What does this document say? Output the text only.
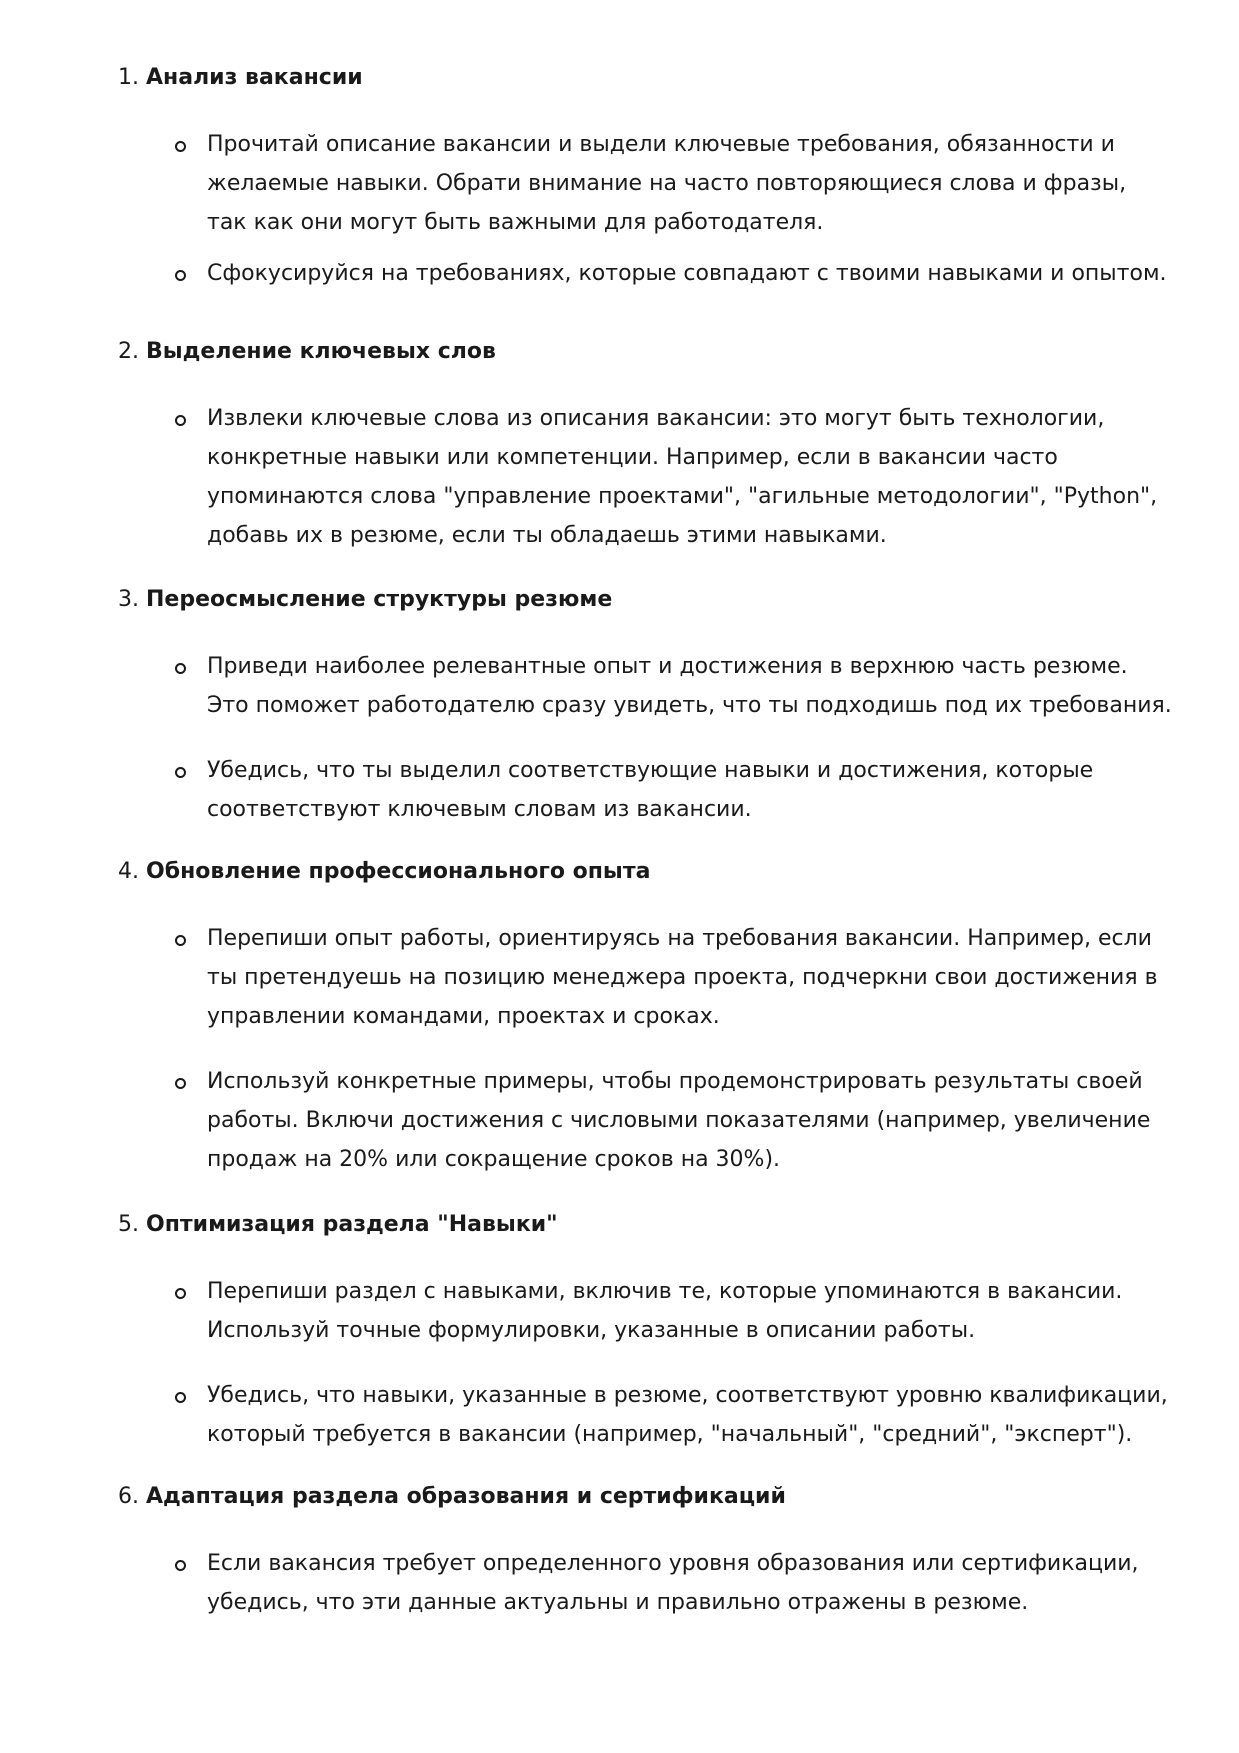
1. Анализ вакансии
Прочитай описание вакансии и выдели ключевые требования, обязанности и
желаемые навыки. Обрати внимание на часто повторяющиеся слова и фразы,
так как они могут быть важными для работодателя.
Сфокусируйся на требованиях, которые совпадают с твоими навыками и опытом.
2. Выделение ключевых слов
Извлеки ключевые слова из описания вакансии: это могут быть технологии,
конкретные навыки или компетенции. Например, если в вакансии часто
упоминаются слова "управление проектами", "агильные методологии", "Python",
добавь их в резюме, если ты обладаешь этими навыками.
3. Переосмысление структуры резюме
Приведи наиболее релевантные опыт и достижения в верхнюю часть резюме.
Это поможет работодателю сразу увидеть, что ты подходишь под их требования.
Убедись, что ты выделил соответствующие навыки и достижения, которые
соответствуют ключевым словам из вакансии.
4. Обновление профессионального опыта
Перепиши опыт работы, ориентируясь на требования вакансии. Например, если
ты претендуешь на позицию менеджера проекта, подчеркни свои достижения в
управлении командами, проектах и сроках.
Используй конкретные примеры, чтобы продемонстрировать результаты своей
работы. Включи достижения с числовыми показателями (например, увеличение
продаж на 20% или сокращение сроков на 30%).
5. Оптимизация раздела "Навыки"
Перепиши раздел с навыками, включив те, которые упоминаются в вакансии.
Используй точные формулировки, указанные в описании работы.
Убедись, что навыки, указанные в резюме, соответствуют уровню квалификации,
который требуется в вакансии (например, "начальный", "средний", "эксперт").
6. Адаптация раздела образования и сертификаций
Если вакансия требует определенного уровня образования или сертификации,
убедись, что эти данные актуальны и правильно отражены в резюме.
